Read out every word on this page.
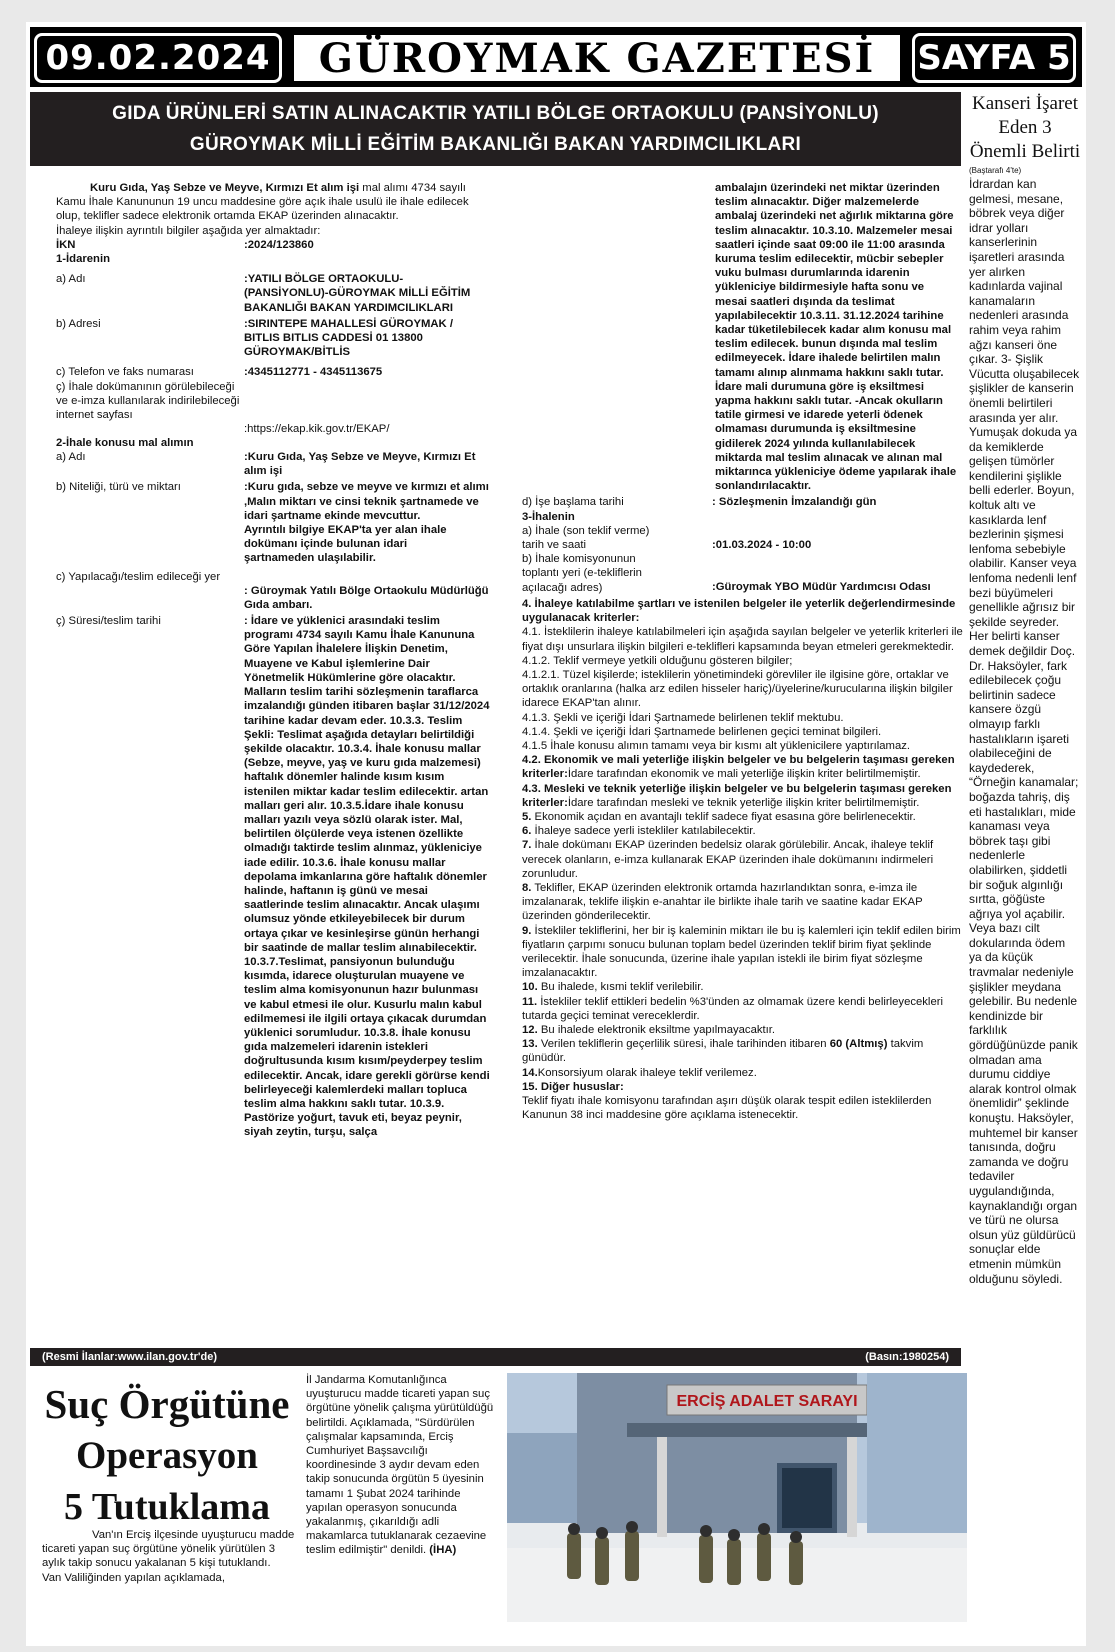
09.02.2024	GÜROYMAK GAZETESİ	SAYFA 5
GIDA ÜRÜNLERİ SATIN ALINACAKTIR YATILI BÖLGE ORTAOKULU (PANSİYONLU)
GÜROYMAK MİLLİ EĞİTİM BAKANLIĞI BAKAN YARDIMCILIKLARI

Kuru Gıda, Yaş Sebze ve Meyve, Kırmızı Et alım işi mal alımı 4734 sayılı Kamu İhale Kanununun 19 uncu maddesine göre açık ihale usulü ile ihale edilecek olup, teklifler sadece elektronik ortamda EKAP üzerinden alınacaktır.

İhaleye ilişkin ayrıntılı bilgiler aşağıda yer almaktadır:

İKN	:2024/123860

1-İdarenin

a) Adı	:YATILI BÖLGE ORTAOKULU-(PANSİYONLU)-GÜROYMAK MİLLİ EĞİTİM BAKANLIĞI BAKAN YARDIMCILIKLARI
b) Adresi	:SIRINTEPE MAHALLESİ GÜROYMAK / BITLIS BITLIS CADDESİ 01 13800 GÜROYMAK/BİTLİS
c) Telefon ve faks numarası	:4345112771 - 4345113675
ç) İhale dokümanının görülebileceği ve e-imza kullanılarak indirilebileceği internet sayfası
:https://ekap.kik.gov.tr/EKAP/

2-İhale konusu mal alımın

a) Adı	:Kuru Gıda, Yaş Sebze ve Meyve, Kırmızı Et alım işi
b) Niteliği, türü ve miktarı	:Kuru gıda, sebze ve meyve ve kırmızı et alımı ,Malın miktarı ve cinsi teknik şartnamede ve idari şartname ekinde mevcuttur.

Ayrıntılı bilgiye EKAP'ta yer alan ihale dokümanı içinde bulunan idari şartnameden ulaşılabilir.
c) Yapılacağı/teslim edileceği yer
: Güroymak Yatılı Bölge Ortaokulu Müdürlüğü Gıda ambarı.
ç) Süresi/teslim tarihi	: İdare ve yüklenici arasındaki teslim programı 4734 sayılı Kamu İhale Kanununa Göre Yapılan İhalelere İlişkin Denetim, Muayene ve Kabul işlemlerine Dair Yönetmelik Hükümlerine göre olacaktır. Malların teslim tarihi sözleşmenin taraflarca imzalandığı günden itibaren başlar 31/12/2024 tarihine kadar devam eder. 10.3.3. Teslim Şekli: Teslimat aşağıda detayları belirtildiği şekilde olacaktır. 10.3.4. İhale konusu mallar (Sebze, meyve, yaş ve kuru gıda malzemesi) haftalık dönemler halinde kısım kısım istenilen miktar kadar teslim edilecektir. artan malları geri alır. 10.3.5.İdare ihale konusu malları yazılı veya sözlü olarak ister. Mal, belirtilen ölçülerde veya istenen özellikte olmadığı taktirde teslim alınmaz, yükleniciye iade edilir. 10.3.6. İhale konusu mallar depolama imkanlarına göre haftalık dönemler halinde, haftanın iş günü ve mesai saatlerinde teslim alınacaktır. Ancak ulaşımı olumsuz yönde etkileyebilecek bir durum ortaya çıkar ve kesinleşirse günün herhangi bir saatinde de mallar teslim alınabilecektir. 10.3.7.Teslimat, pansiyonun bulunduğu kısımda, idarece oluşturulan muayene ve teslim alma komisyonunun hazır bulunması ve kabul etmesi ile olur. Kusurlu malın kabul edilmemesi ile ilgili ortaya çıkacak durumdan yüklenici sorumludur. 10.3.8. İhale konusu gıda malzemeleri idarenin istekleri doğrultusunda kısım kısım/peyderpey teslim edilecektir. Ancak, idare gerekli görürse kendi belirleyeceği kalemlerdeki malları topluca teslim alma hakkını saklı tutar. 10.3.9. Pastörize yoğurt, tavuk eti, beyaz peynir, siyah zeytin, turşu, salça

ambalajın üzerindeki net miktar üzerinden teslim alınacaktır. Diğer malzemelerde ambalaj üzerindeki net ağırlık miktarına göre teslim alınacaktır. 10.3.10. Malzemeler mesai saatleri içinde saat 09:00 ile 11:00 arasında kuruma teslim edilecektir, mücbir sebepler vuku bulması durumlarında idarenin yükleniciye bildirmesiyle hafta sonu ve mesai saatleri dışında da teslimat yapılabilecektir 10.3.11. 31.12.2024 tarihine kadar tüketilebilecek kadar alım konusu mal teslim edilecek. bunun dışında mal teslim edilmeyecek. İdare ihalede belirtilen malın tamamı alınıp alınmama hakkını saklı tutar. İdare mali durumuna göre iş eksiltmesi yapma hakkını saklı tutar. -Ancak okulların tatile girmesi ve idarede yeterli ödenek olmaması durumunda iş eksiltmesine gidilerek 2024 yılında kullanılabilecek miktarda mal teslim alınacak ve alınan mal miktarınca yükleniciye ödeme yapılarak ihale sonlandırılacaktır.

d) İşe başlama tarihi	: Sözleşmenin İmzalandığı gün

3-İhalenin

a) İhale (son teklif verme) tarih ve saati	:01.03.2024 - 10:00
b) İhale komisyonunun toplantı yeri (e-tekliflerin açılacağı adres)	:Güroymak YBO Müdür Yardımcısı Odası

4. İhaleye katılabilme şartları ve istenilen belgeler ile yeterlik değerlendirmesinde uygulanacak kriterler:

4.1. İsteklilerin ihaleye katılabilmeleri için aşağıda sayılan belgeler ve yeterlik kriterleri ile fiyat dışı unsurlara ilişkin bilgileri e-teklifleri kapsamında beyan etmeleri gerekmektedir.

4.1.2. Teklif vermeye yetkili olduğunu gösteren bilgiler;

4.1.2.1. Tüzel kişilerde; isteklilerin yönetimindeki görevliler ile ilgisine göre, ortaklar ve ortaklık oranlarına (halka arz edilen hisseler hariç)/üyelerine/kurucularına ilişkin bilgiler idarece EKAP'tan alınır.

4.1.3. Şekli ve içeriği İdari Şartnamede belirlenen teklif mektubu.

4.1.4. Şekli ve içeriği İdari Şartnamede belirlenen geçici teminat bilgileri.

4.1.5 İhale konusu alımın tamamı veya bir kısmı alt yüklenicilere yaptırılamaz.

4.2. Ekonomik ve mali yeterliğe ilişkin belgeler ve bu belgelerin taşıması gereken kriterler:İdare tarafından ekonomik ve mali yeterliğe ilişkin kriter belirtilmemiştir.

4.3. Mesleki ve teknik yeterliğe ilişkin belgeler ve bu belgelerin taşıması gereken kriterler:İdare tarafından mesleki ve teknik yeterliğe ilişkin kriter belirtilmemiştir.

5. Ekonomik açıdan en avantajlı teklif sadece fiyat esasına göre belirlenecektir.

6. İhaleye sadece yerli istekliler katılabilecektir.

7. İhale dokümanı EKAP üzerinden bedelsiz olarak görülebilir. Ancak, ihaleye teklif verecek olanların, e-imza kullanarak EKAP üzerinden ihale dokümanını indirmeleri zorunludur.

8. Teklifler, EKAP üzerinden elektronik ortamda hazırlandıktan sonra, e-imza ile imzalanarak, teklife ilişkin e-anahtar ile birlikte ihale tarih ve saatine kadar EKAP üzerinden gönderilecektir.

9. İstekliler tekliflerini, her bir iş kaleminin miktarı ile bu iş kalemleri için teklif edilen birim fiyatların çarpımı sonucu bulunan toplam bedel üzerinden teklif birim fiyat şeklinde verilecektir. İhale sonucunda, üzerine ihale yapılan istekli ile birim fiyat sözleşme imzalanacaktır.

10. Bu ihalede, kısmi teklif verilebilir.

11. İstekliler teklif ettikleri bedelin %3'ünden az olmamak üzere kendi belirleyecekleri tutarda geçici teminat vereceklerdir.

12. Bu ihalede elektronik eksiltme yapılmayacaktır.

13. Verilen tekliflerin geçerlilik süresi, ihale tarihinden itibaren 60 (Altmış) takvim günüdür.

14.Konsorsiyum olarak ihaleye teklif verilemez.

15. Diğer hususlar:

Teklif fiyatı ihale komisyonu tarafından aşırı düşük olarak tespit edilen isteklilerden Kanunun 38 inci maddesine göre açıklama istenecektir.

(Resmi İlanlar:www.ilan.gov.tr'de)	(Basın:1980254)
Kanseri İşaret Eden 3 Önemli Belirti
(Baştarafı 4'te)
İdrardan kan gelmesi, mesane, böbrek veya diğer idrar yolları kanserlerinin işaretleri arasında yer alırken kadınlarda vajinal kanamaların nedenleri arasında rahim veya rahim ağzı kanseri öne çıkar. 3- Şişlik Vücutta oluşabilecek şişlikler de kanserin önemli belirtileri arasında yer alır. Yumuşak dokuda ya da kemiklerde gelişen tümörler kendilerini şişlikle belli ederler. Boyun, koltuk altı ve kasıklarda lenf bezlerinin şişmesi lenfoma sebebiyle olabilir. Kanser veya lenfoma nedenli lenf bezi büyümeleri genellikle ağrısız bir şekilde seyreder. Her belirti kanser demek değildir Doç. Dr. Haksöyler, fark edilebilecek çoğu belirtinin sadece kansere özgü olmayıp farklı hastalıkların işareti olabileceğini de kaydederek, “Örneğin kanamalar; boğazda tahriş, diş eti hastalıkları, mide kanaması veya böbrek taşı gibi nedenlerle olabilirken, şiddetli bir soğuk algınlığı sırtta, göğüste ağrıya yol açabilir. Veya bazı cilt dokularında ödem ya da küçük travmalar nedeniyle şişlikler meydana gelebilir. Bu nedenle kendinizde bir farklılık gördüğünüzde panik olmadan ama durumu ciddiye alarak kontrol olmak önemlidir” şeklinde konuştu. Haksöyler, muhtemel bir kanser tanısında, doğru zamanda ve doğru tedaviler uygulandığında, kaynaklandığı organ ve türü ne olursa olsun yüz güldürücü sonuçlar elde etmenin mümkün olduğunu söyledi.
Suç Örgütüne
Operasyon
5 Tutuklama

Van'ın Erciş ilçesinde uyuşturucu madde ticareti yapan suç örgütüne yönelik yürütülen 3 aylık takip sonucu yakalanan 5 kişi tutuklandı.

Van Valiliğinden yapılan açıklamada,

İl Jandarma Komutanlığınca uyuşturucu madde ticareti yapan suç örgütüne yönelik çalışma yürütüldüğü belirtildi. Açıklamada, "Sürdürülen çalışmalar kapsamında, Erciş Cumhuriyet Başsavcılığı koordinesinde 3 aydır devam eden takip sonucunda örgütün 5 üyesinin tamamı 1 Şubat 2024 tarihinde yapılan operasyon sonucunda yakalanmış, çıkarıldığı adli makamlarca tutuklanarak cezaevine teslim edilmiştir" denildi. (İHA)
ERCİŞ ADALET SARAYI
